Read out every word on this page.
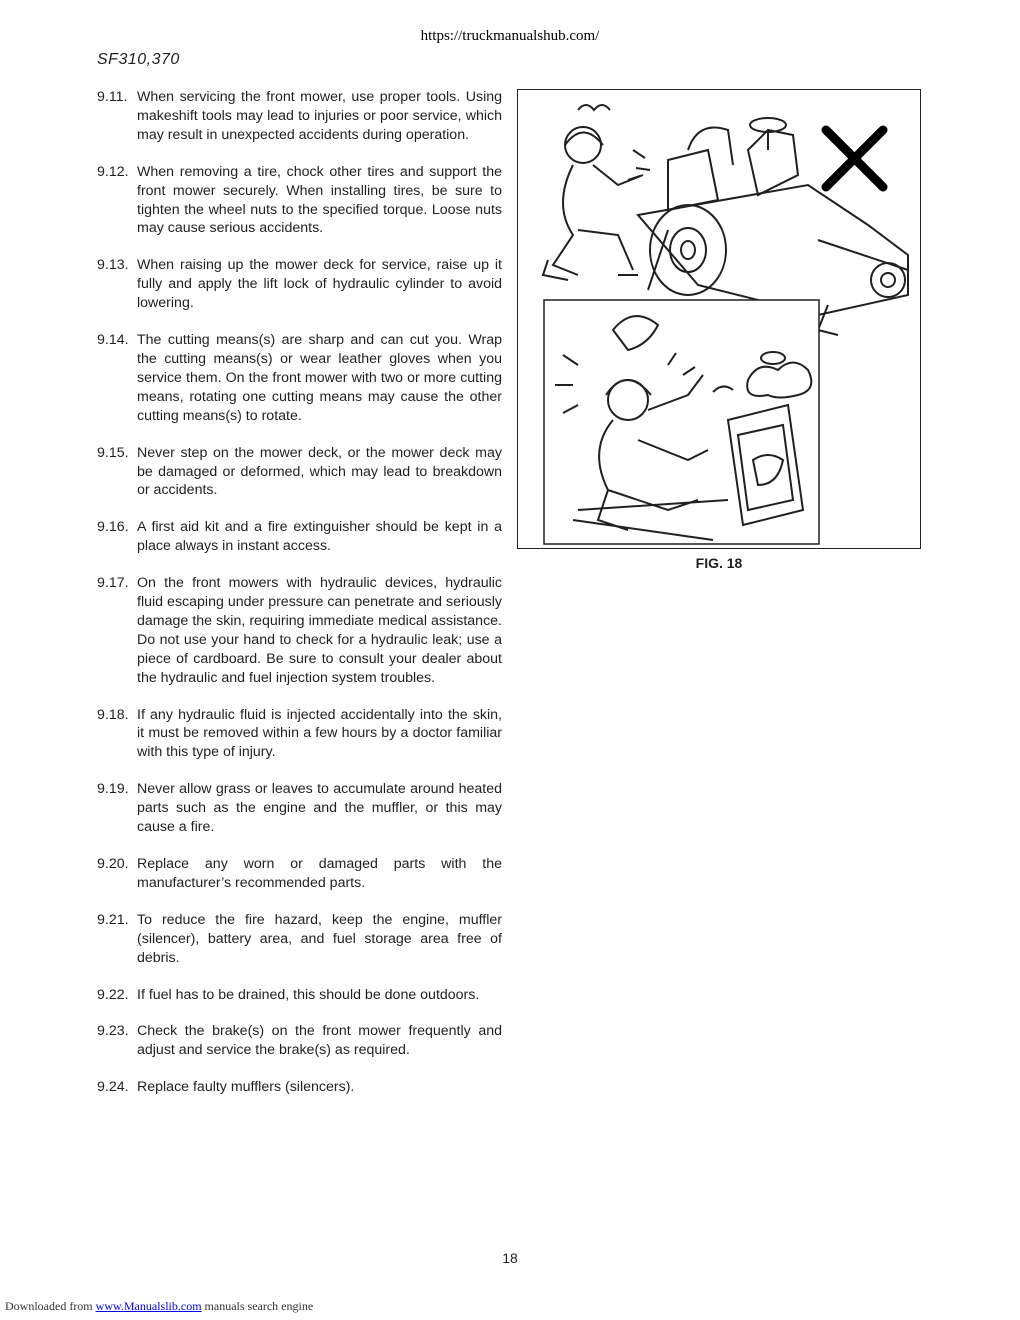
https://truckmanualshub.com/
SF310,370
9.11. When servicing the front mower, use proper tools. Using makeshift tools may lead to injuries or poor service, which may result in unexpected accidents during operation.
9.12. When removing a tire, chock other tires and support the front mower securely. When installing tires, be sure to tighten the wheel nuts to the specified torque. Loose nuts may cause serious accidents.
9.13. When raising up the mower deck for service, raise up it fully and apply the lift lock of hydraulic cylinder to avoid lowering.
9.14. The cutting means(s) are sharp and can cut you. Wrap the cutting means(s) or wear leather gloves when you service them. On the front mower with two or more cutting means, rotating one cutting means may cause the other cutting means(s) to rotate.
9.15. Never step on the mower deck, or the mower deck may be damaged or deformed, which may lead to breakdown or accidents.
9.16. A first aid kit and a fire extinguisher should be kept in a place always in instant access.
9.17. On the front mowers with hydraulic devices, hydraulic fluid escaping under pressure can penetrate and seriously damage the skin, requiring immediate medical assistance. Do not use your hand to check for a hydraulic leak; use a piece of cardboard. Be sure to consult your dealer about the hydraulic and fuel injection system troubles.
9.18. If any hydraulic fluid is injected accidentally into the skin, it must be removed within a few hours by a doctor familiar with this type of injury.
9.19. Never allow grass or leaves to accumulate around heated parts such as the engine and the muffler, or this may cause a fire.
9.20. Replace any worn or damaged parts with the manufacturer’s recommended parts.
9.21. To reduce the fire hazard, keep the engine, muffler (silencer), battery area, and fuel storage area free of debris.
9.22. If fuel has to be drained, this should be done outdoors.
9.23. Check the brake(s) on the front mower frequently and adjust and service the brake(s) as required.
9.24. Replace faulty mufflers (silencers).
FIG. 18
18
Downloaded from www.Manualslib.com manuals search engine
